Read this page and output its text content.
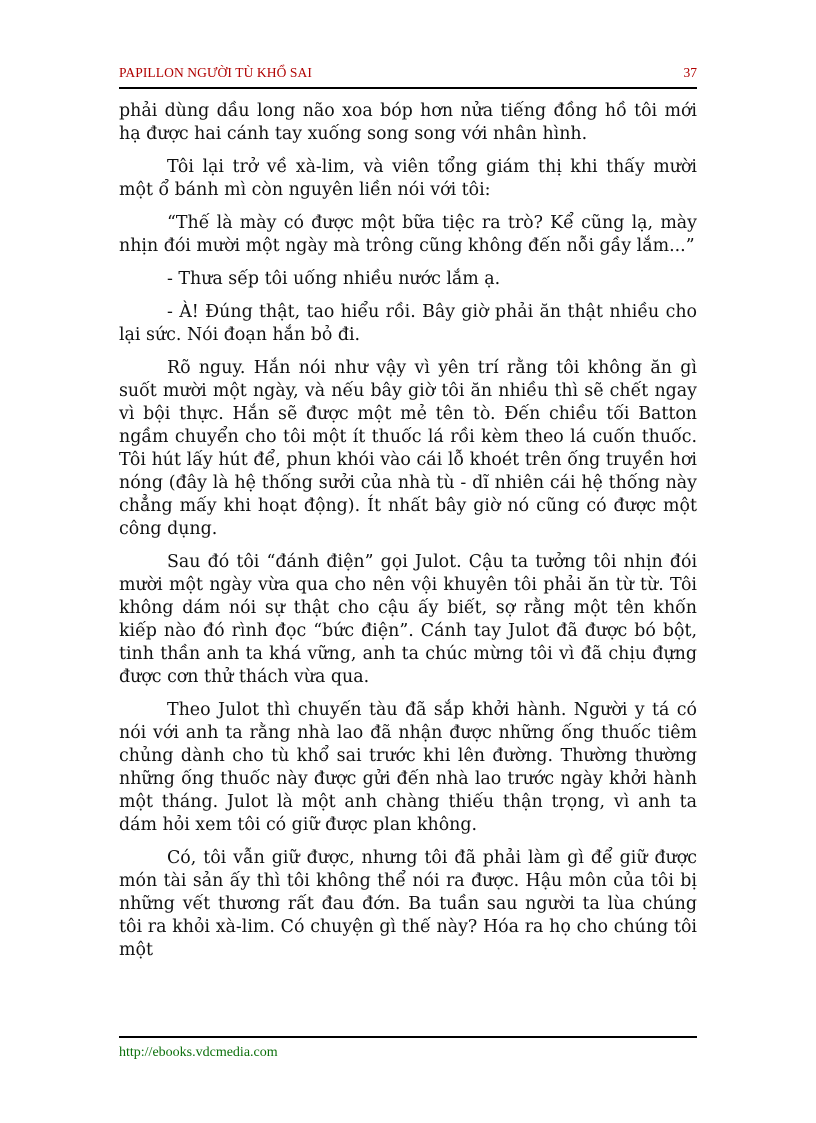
PAPILLON NGƯỜI TÙ KHỔ SAI	37

phải dùng dầu long não xoa bóp hơn nửa tiếng đồng hồ tôi mới hạ được hai cánh tay xuống song song với nhân hình.

Tôi lại trở về xà-lim, và viên tổng giám thị khi thấy mười một ổ bánh mì còn nguyên liền nói với tôi:

“Thế là mày có được một bữa tiệc ra trò? Kể cũng lạ, mày nhịn đói mười một ngày mà trông cũng không đến nỗi gầy lắm...”

- Thưa sếp tôi uống nhiều nước lắm ạ.

- À! Đúng thật, tao hiểu rồi. Bây giờ phải ăn thật nhiều cho lại sức. Nói đoạn hắn bỏ đi.

Rõ nguy. Hắn nói như vậy vì yên trí rằng tôi không ăn gì suốt mười một ngày, và nếu bây giờ tôi ăn nhiều thì sẽ chết ngay vì bội thực. Hắn sẽ được một mẻ tên tò. Đến chiều tối Batton ngầm chuyển cho tôi một ít thuốc lá rồi kèm theo lá cuốn thuốc. Tôi hút lấy hút để, phun khói vào cái lỗ khoét trên ống truyền hơi nóng (đây là hệ thống sưởi của nhà tù - dĩ nhiên cái hệ thống này chẳng mấy khi hoạt động). Ít nhất bây giờ nó cũng có được một công dụng.

Sau đó tôi “đánh điện” gọi Julot. Cậu ta tưởng tôi nhịn đói mười một ngày vừa qua cho nên vội khuyên tôi phải ăn từ từ. Tôi không dám nói sự thật cho cậu ấy biết, sợ rằng một tên khốn kiếp nào đó rình đọc “bức điện”. Cánh tay Julot đã được bó bột, tinh thần anh ta khá vững, anh ta chúc mừng tôi vì đã chịu đựng được cơn thử thách vừa qua.

Theo Julot thì chuyến tàu đã sắp khởi hành. Người y tá có nói với anh ta rằng nhà lao đã nhận được những ống thuốc tiêm chủng dành cho tù khổ sai trước khi lên đường. Thường thường những ống thuốc này được gửi đến nhà lao trước ngày khởi hành một tháng. Julot là một anh chàng thiếu thận trọng, vì anh ta dám hỏi xem tôi có giữ được plan không.

Có, tôi vẫn giữ được, nhưng tôi đã phải làm gì để giữ được món tài sản ấy thì tôi không thể nói ra được. Hậu môn của tôi bị những vết thương rất đau đớn. Ba tuần sau người ta lùa chúng tôi ra khỏi xà-lim. Có chuyện gì thế này? Hóa ra họ cho chúng tôi một

http://ebooks.vdcmedia.com
